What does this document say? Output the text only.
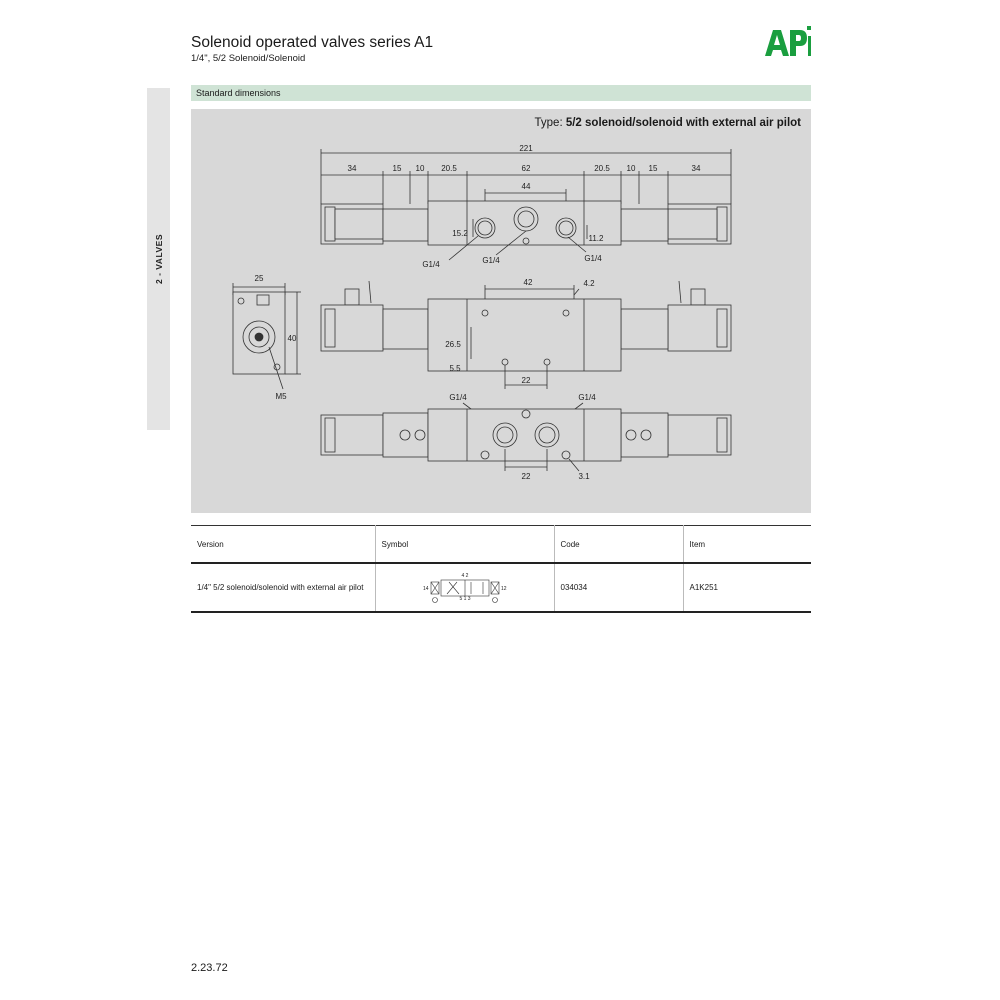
Solenoid operated valves series A1
1/4", 5/2 Solenoid/Solenoid
2 - VALVES
Standard dimensions
Type: 5/2 solenoid/solenoid with external air pilot
221
34	15 10 20.5	62	20.5 10 15	34
44
15.2
11.2
G1/4	G1/4	G1/4
25
40
M5
42	4.2
26.5
5.5
22
G1/4	G1/4
22	3.1
Version	Symbol	Code	Item
1/4" 5/2 solenoid/solenoid with external air pilot	4 2
14 12
5 1 3	034034	A1K251
2.23.72
